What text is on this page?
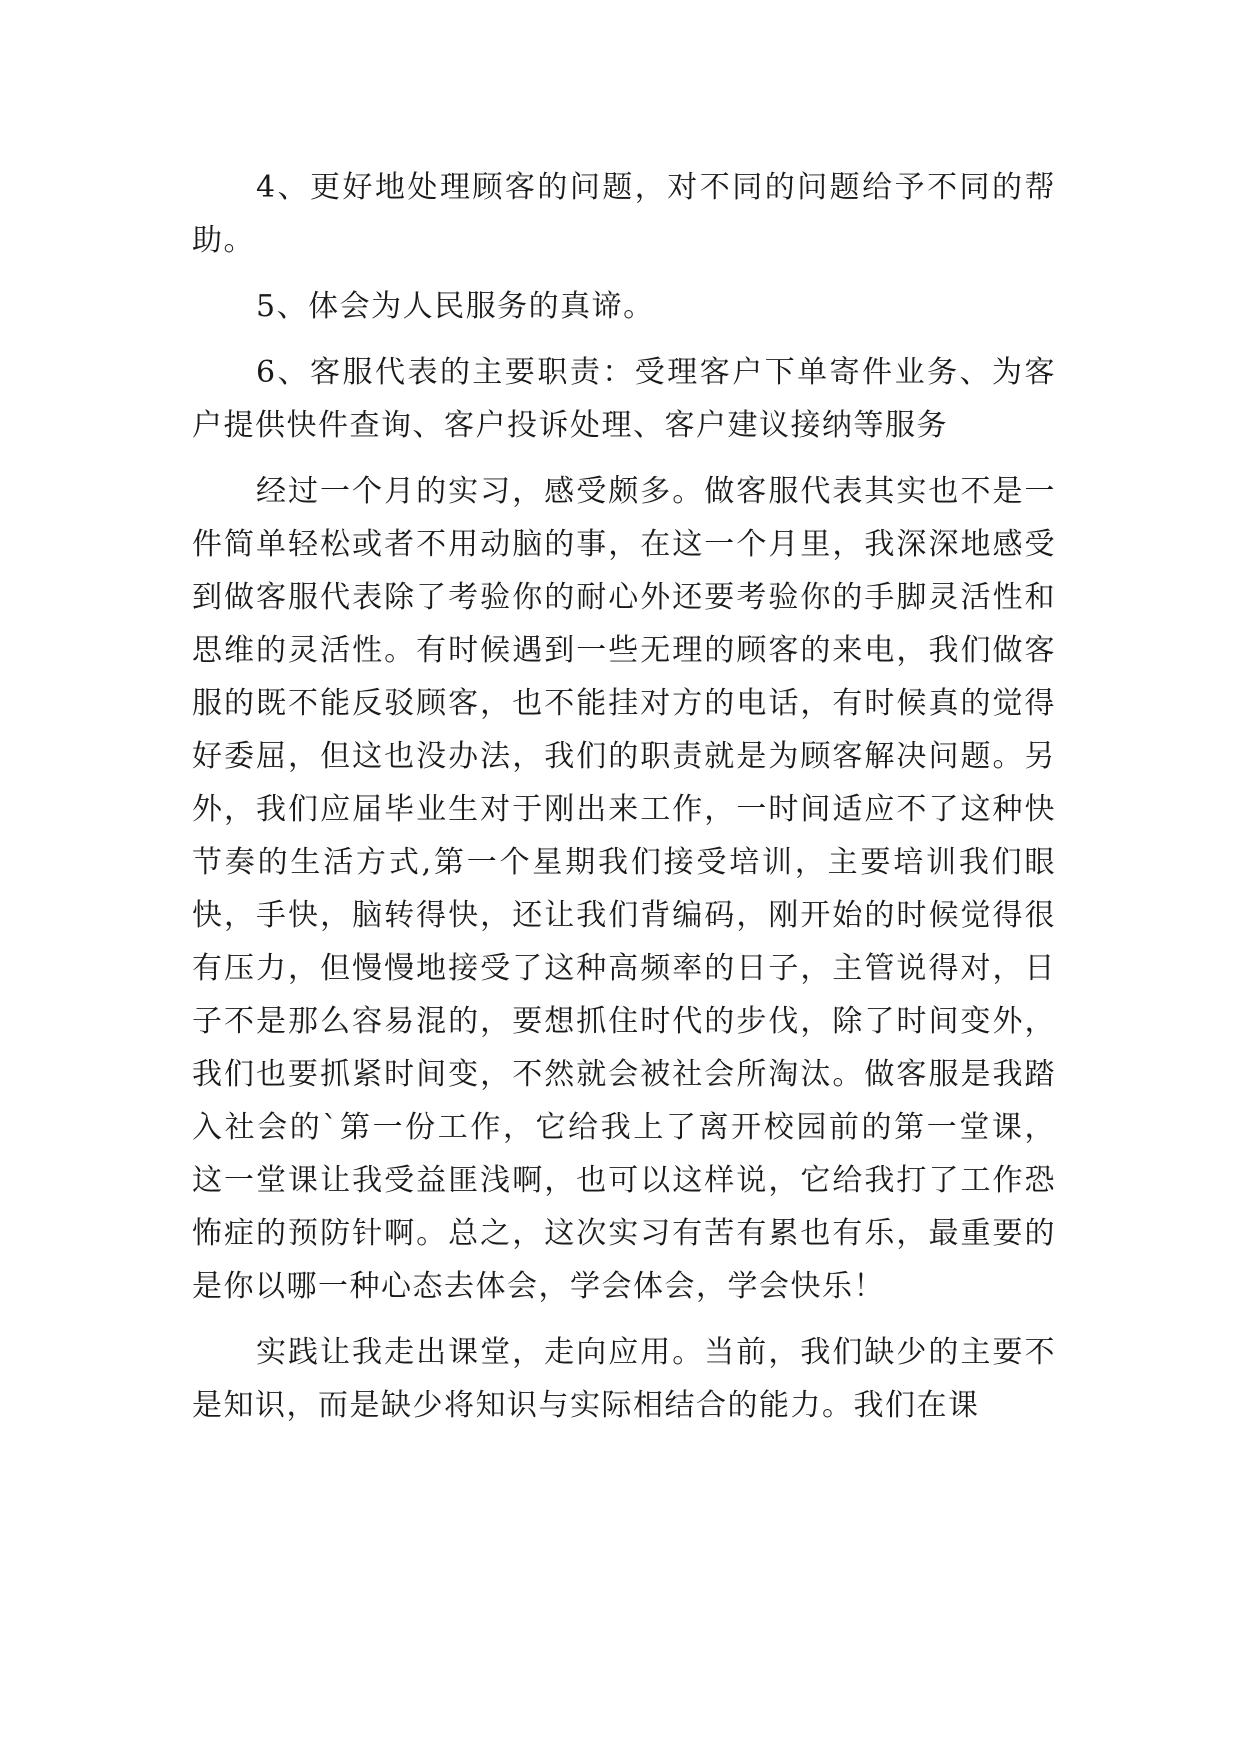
4、更好地处理顾客的问题，对不同的问题给予不同的帮助。

5、体会为人民服务的真谛。

6、客服代表的主要职责：受理客户下单寄件业务、为客户提供快件查询、客户投诉处理、客户建议接纳等服务

经过一个月的实习，感受颇多。做客服代表其实也不是一件简单轻松或者不用动脑的事，在这一个月里，我深深地感受到做客服代表除了考验你的耐心外还要考验你的手脚灵活性和思维的灵活性。有时候遇到一些无理的顾客的来电，我们做客服的既不能反驳顾客，也不能挂对方的电话，有时候真的觉得好委屈，但这也没办法，我们的职责就是为顾客解决问题。另外，我们应届毕业生对于刚出来工作，一时间适应不了这种快节奏的生活方式,第一个星期我们接受培训，主要培训我们眼快，手快，脑转得快，还让我们背编码，刚开始的时候觉得很有压力，但慢慢地接受了这种高频率的日子，主管说得对，日子不是那么容易混的，要想抓住时代的步伐，除了时间变外，我们也要抓紧时间变，不然就会被社会所淘汰。做客服是我踏入社会的`第一份工作，它给我上了离开校园前的第一堂课，这一堂课让我受益匪浅啊，也可以这样说，它给我打了工作恐怖症的预防针啊。总之，这次实习有苦有累也有乐，最重要的是你以哪一种心态去体会，学会体会，学会快乐！

实践让我走出课堂，走向应用。当前，我们缺少的主要不是知识，而是缺少将知识与实际相结合的能力。我们在课
